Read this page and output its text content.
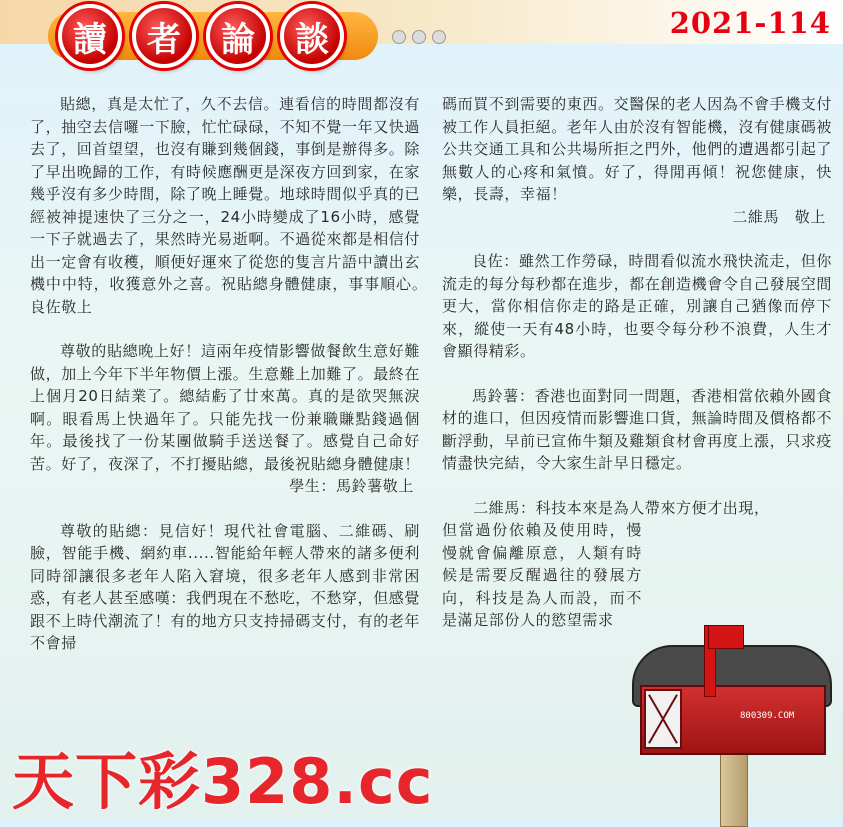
讀	者	論	談	2021-114

貼總，真是太忙了，久不去信。連看信的時間都沒有了，抽空去信囉一下臉，忙忙碌碌，不知不覺一年又快過去了，回首望望，也沒有賺到幾個錢，事倒是辦得多。除了早出晚歸的工作，有時候應酬更是深夜方回到家，在家幾乎沒有多少時間，除了晚上睡覺。地球時間似乎真的已經被神提速快了三分之一，24小時變成了16小時，感覺一下子就過去了，果然時光易逝啊。不過從來都是相信付出一定會有收穫，順便好運來了從您的隻言片語中讀出玄機中中特，收獲意外之喜。祝貼總身體健康，事事順心。　良佐敬上

尊敬的貼總晚上好！這兩年疫情影響做餐飲生意好難做，加上今年下半年物價上漲。生意難上加難了。最終在上個月20日結業了。總結虧了廿來萬。真的是欲哭無淚啊。眼看馬上快過年了。只能先找一份兼職賺點錢過個年。最後找了一份某團做騎手送送餐了。感覺自己命好苦。好了，夜深了，不打擾貼總，最後祝貼總身體健康！

學生：馬鈴薯敬上

尊敬的貼總：見信好！現代社會電腦、二維碼、刷臉，智能手機、網約車.....智能給年輕人帶來的諸多便利同時卻讓很多老年人陷入窘境，很多老年人感到非常困惑，有老人甚至感嘆：我們現在不愁吃，不愁穿，但感覺跟不上時代潮流了！有的地方只支持掃碼支付，有的老年不會掃

碼而買不到需要的東西。交醫保的老人因為不會手機支付被工作人員拒絕。老年人由於沒有智能機，沒有健康碼被公共交通工具和公共場所拒之門外，他們的遭遇都引起了無數人的心疼和氣憤。好了，得閒再傾！祝您健康，快樂，長壽，幸福！

二維馬　敬上

良佐：雖然工作勞碌，時間看似流水飛快流走，但你流走的每分每秒都在進步，都在創造機會令自己發展空間更大，當你相信你走的路是正確，別讓自己猶像而停下來，縱使一天有48小時，也要令每分秒不浪費，人生才會顯得精彩。

馬鈴薯：香港也面對同一問題，香港相當依賴外國食材的進口，但因疫情而影響進口貨，無論時間及價格都不斷浮動，早前已宣佈牛類及雞類食材會再度上漲，只求疫情盡快完結，令大家生計早日穩定。

　　二維馬：科技本來是為人帶來方便才出現，

但當過份依賴及使用時，慢慢就會偏離原意，人類有時候是需要反醒過往的發展方向，科技是為人而設，而不是滿足部份人的慾望需求

800309.COM
天下彩328.cc
